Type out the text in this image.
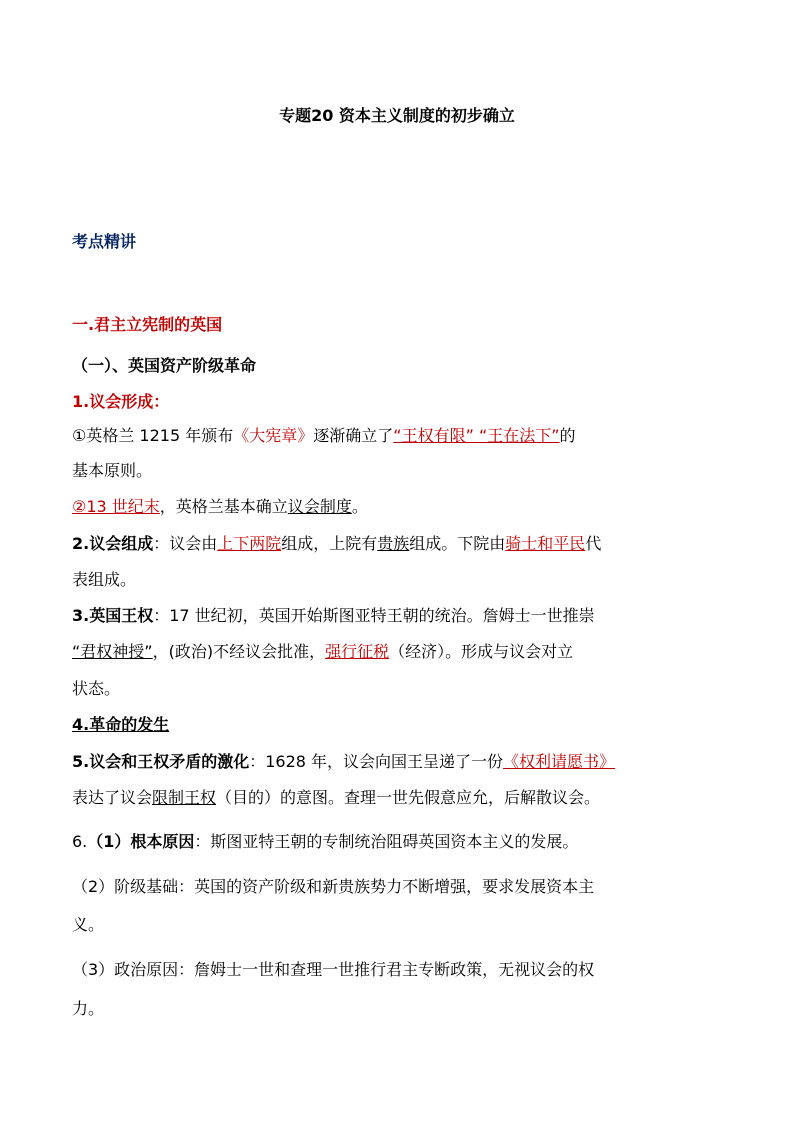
专题20 资本主义制度的初步确立
考点精讲
一.君主立宪制的英国
（一）、英国资产阶级革命
1.议会形成：
①英格兰 1215 年颁布《大宪章》逐渐确立了“王权有限” “王在法下”的
基本原则。
②13 世纪末，英格兰基本确立议会制度。
2.议会组成：议会由上下两院组成，上院有贵族组成。下院由骑士和平民代
表组成。
3.英国王权：17 世纪初，英国开始斯图亚特王朝的统治。詹姆士一世推崇
“君权神授”，(政治)不经议会批准，强行征税（经济）。形成与议会对立
状态。
4.革命的发生
5.议会和王权矛盾的激化：1628 年，议会向国王呈递了一份《权利请愿书》
表达了议会限制王权（目的）的意图。查理一世先假意应允，后解散议会。
6.（1）根本原因：斯图亚特王朝的专制统治阻碍英国资本主义的发展。
（2）阶级基础：英国的资产阶级和新贵族势力不断增强，要求发展资本主
义。
（3）政治原因：詹姆士一世和查理一世推行君主专断政策，无视议会的权
力。
